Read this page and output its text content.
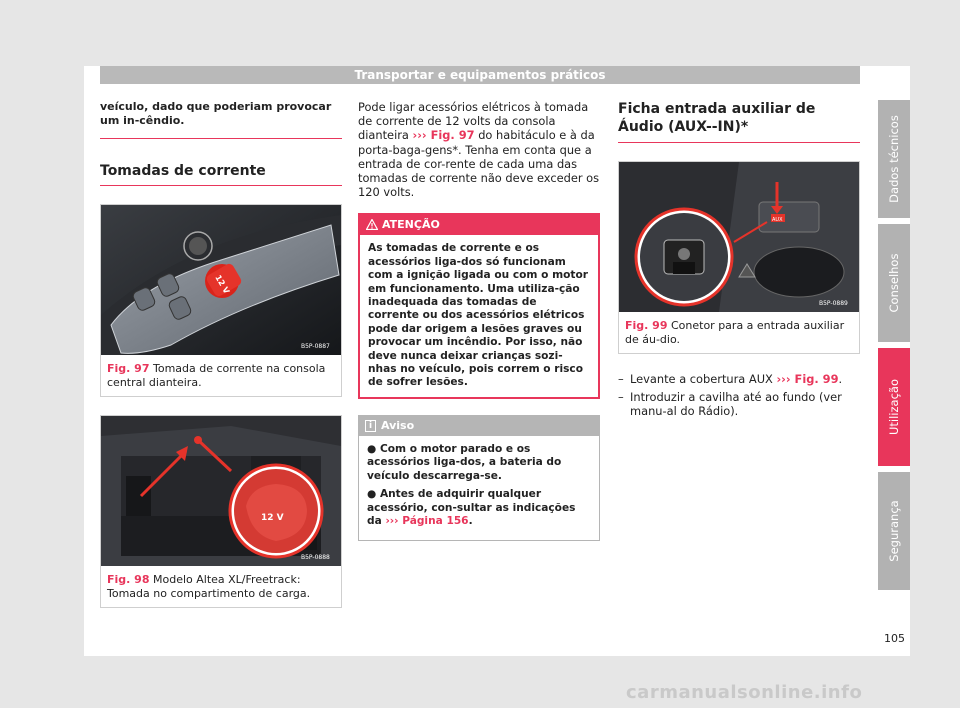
Transportar e equipamentos práticos
veículo, dado que poderiam provocar um in-cêndio.
Tomadas de corrente
12 V
B5P-0887
Fig. 97 Tomada de corrente na consola central dianteira.
12 V
B5P-0888
Fig. 98 Modelo Altea XL/Freetrack: Tomada no compartimento de carga.

Pode ligar acessórios elétricos à tomada de corrente de 12 volts da consola dianteira ››› Fig. 97 do habitáculo e à da porta-baga-gens*. Tenha em conta que a entrada de cor-rente de cada uma das tomadas de corrente não deve exceder os 120 volts.

ATENÇÃO
As tomadas de corrente e os acessórios liga-dos só funcionam com a ignição ligada ou com o motor em funcionamento. Uma utiliza-ção inadequada das tomadas de corrente ou dos acessórios elétricos pode dar origem a lesões graves ou provocar um incêndio. Por isso, não deve nunca deixar crianças sozi-nhas no veículo, pois correm o risco de sofrer lesões.
i Aviso
● Com o motor parado e os acessórios liga-dos, a bateria do veículo descarrega-se.
● Antes de adquirir qualquer acessório, con-sultar as indicações da ››› Página 156.
Ficha entrada auxiliar de Áudio (AUX--IN)*
AUX
B5P-0889
Fig. 99 Conetor para a entrada auxiliar de áu-dio.
– Levante a cobertura AUX ››› Fig. 99.
– Introduzir a cavilha até ao fundo (ver manu-al do Rádio).
Dados técnicos
Conselhos
Utilização
Segurança
105
carmanualsonline.info
